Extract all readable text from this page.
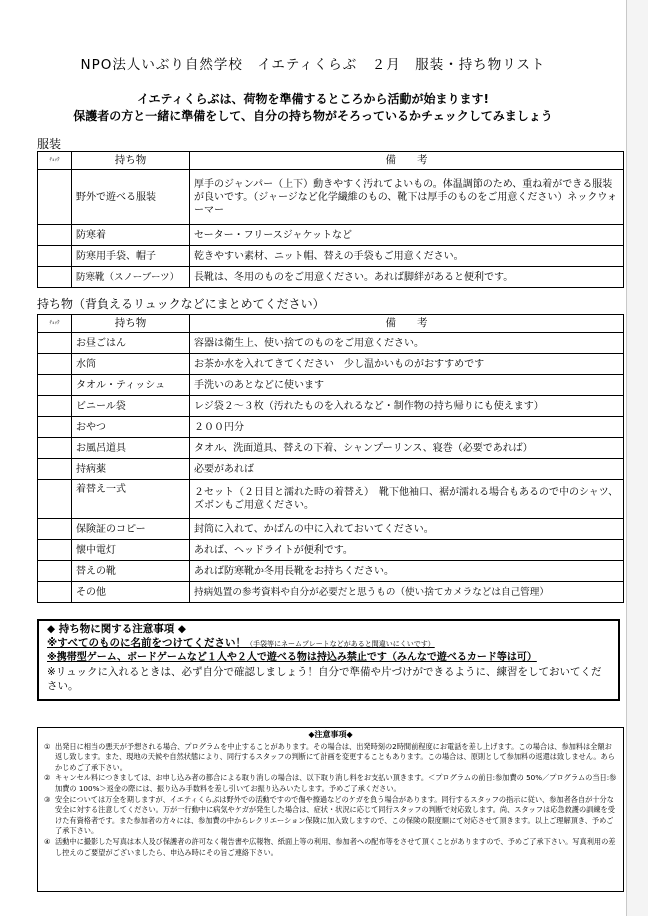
NPO法人いぶり自然学校　イエティくらぶ　２月　服装・持ち物リスト
イエティくらぶは、荷物を準備するところから活動が始まります!
保護者の方と一緒に準備をして、自分の持ち物がそろっているかチェックしてみましょう
服装
ﾁｪｯｸ	持ち物	備　　考
	野外で遊べる服装	厚手のジャンパー（上下）動きやすく汚れてよいもの。体温調節のため、重ね着ができる服装が良いです。（ジャージなど化学繊維のもの、靴下は厚手のものをご用意ください）ネックウォーマー
	防寒着	セーター・フリースジャケットなど
	防寒用手袋、帽子	乾きやすい素材、ニット帽、替えの手袋もご用意ください。
	防寒靴（スノーブーツ）	長靴は、冬用のものをご用意ください。あれば脚絆があると便利です。
持ち物（背負えるリュックなどにまとめてください）
ﾁｪｯｸ	持ち物	備　　考
	お昼ごはん	容器は衛生上、使い捨てのものをご用意ください。
	水筒	お茶か水を入れてきてください　少し温かいものがおすすめです
	タオル・ティッシュ	手洗いのあとなどに使います
	ビニール袋	レジ袋２～３枚（汚れたものを入れるなど・制作物の持ち帰りにも使えます）
	おやつ	２００円分
	お風呂道具	タオル、洗面道具、替えの下着、シャンプーリンス、寝巻（必要であれば）
	持病薬	必要があれば
	着替え一式	２セット（２日目と濡れた時の着替え）　靴下他袖口、裾が濡れる場合もあるので中のシャツ、ズボンもご用意ください。
	保険証のコピー	封筒に入れて、かばんの中に入れておいてください。
	懐中電灯	あれば、ヘッドライトが便利です。
	替えの靴	あれば防寒靴か冬用長靴をお持ちください。
	その他	持病処置の参考資料や自分が必要だと思うもの（使い捨てカメラなどは自己管理）
◆ 持ち物に関する注意事項 ◆
※すべてのものに名前をつけてください！（手袋等にネームプレートなどがあると間違いにくいです）
※携帯型ゲーム、ボードゲームなど１人や２人で遊べる物は持込み禁止です（みんなで遊べるカード等は可）
※リュックに入れるときは、必ず自分で確認しましょう！自分で準備や片づけができるように、練習をしておいてください。
◆注意事項◆
① 出発日に相当の悪天が予想される場合、プログラムを中止することがあります。その場合は、出発時刻の2時間前程度にお電話を差し上げます。この場合は、参加料は全額お返し致します。また、現地の天候や自然状態により、同行するスタッフの判断にて計画を変更することもあります。この場合は、原則として参加料の返還は致しません。あらかじめご了承下さい。
② キャンセル料につきましては、お申し込み者の都合による取り消しの場合は、以下取り消し料をお支払い頂きます。＜プログラムの前日:参加費の 50%／プログラムの当日:参加費の 100%＞返金の際には、振り込み手数料を差し引いてお振り込みいたします。予めご了承ください。
③ 安全については万全を期しますが、イエティくらぶは野外での活動ですので傷や擦過などのケガを負う場合があります。同行するスタッフの指示に従い、参加者各自が十分な安全に対する注意してください。万が一行動中に病気やケガが発生した場合は、症状・状況に応じて同行スタッフの判断で対応致します。尚、スタッフは応急救護の訓練を受けた有資格者です。また参加者の方々には、参加費の中からレクリエーション保険に加入致しますので、この保険の限度額にて対応させて頂きます。以上ご理解頂き、予めご了承下さい。
④ 活動中に撮影した写真は本人及び保護者の許可なく報告書や広報物、紙面上等の利用、参加者への配布等をさせて頂くことがありますので、予めご了承下さい。写真利用の差し控えのご要望がございましたら、申込み時にその旨ご連絡下さい。
